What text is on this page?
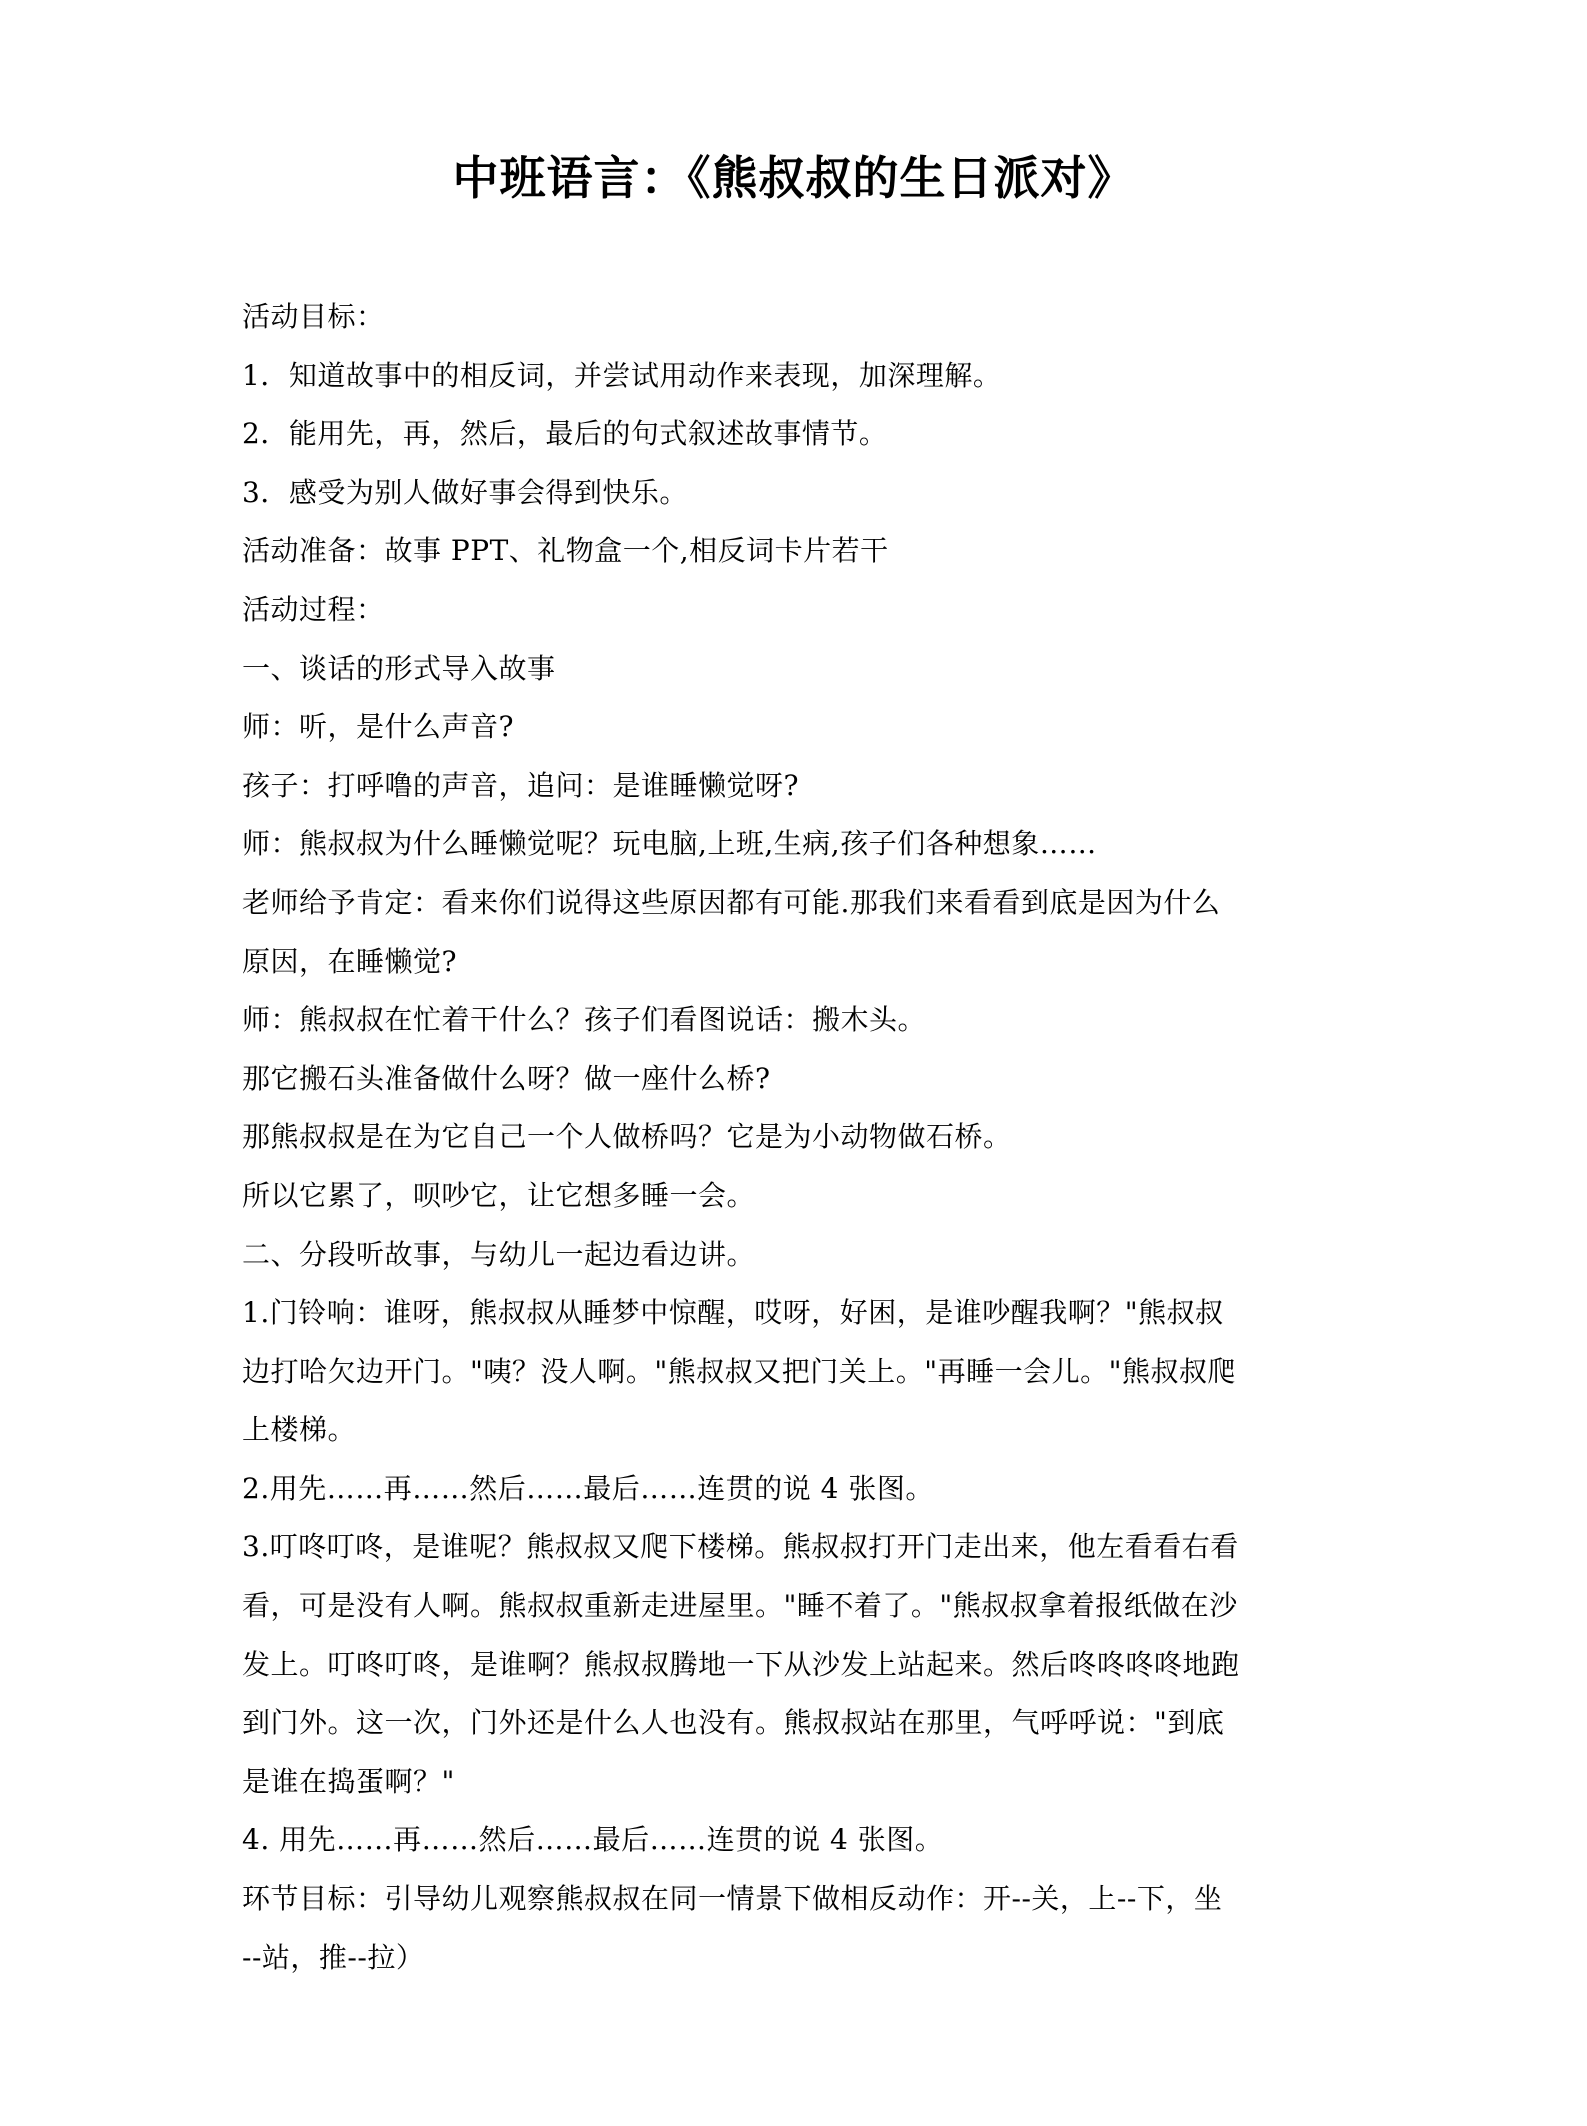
中班语言：《熊叔叔的生日派对》
活动目标：
1．知道故事中的相反词，并尝试用动作来表现，加深理解。
2．能用先，再，然后，最后的句式叙述故事情节。
3．感受为别人做好事会得到快乐。
活动准备：故事 PPT、礼物盒一个,相反词卡片若干
活动过程：
一、谈话的形式导入故事
师：听，是什么声音?
孩子：打呼噜的声音，追问：是谁睡懒觉呀?
师：熊叔叔为什么睡懒觉呢？玩电脑,上班,生病,孩子们各种想象……
老师给予肯定：看来你们说得这些原因都有可能.那我们来看看到底是因为什么
原因，在睡懒觉?
师：熊叔叔在忙着干什么？孩子们看图说话：搬木头。
那它搬石头准备做什么呀？做一座什么桥?
那熊叔叔是在为它自己一个人做桥吗？它是为小动物做石桥。
所以它累了，呗吵它，让它想多睡一会。
二、分段听故事，与幼儿一起边看边讲。
1.门铃响：谁呀，熊叔叔从睡梦中惊醒，哎呀，好困，是谁吵醒我啊？"熊叔叔
边打哈欠边开门。"咦？没人啊。"熊叔叔又把门关上。"再睡一会儿。"熊叔叔爬
上楼梯。
2.用先……再……然后……最后……连贯的说 4 张图。
3.叮咚叮咚，是谁呢？熊叔叔又爬下楼梯。熊叔叔打开门走出来，他左看看右看
看，可是没有人啊。熊叔叔重新走进屋里。"睡不着了。"熊叔叔拿着报纸做在沙
发上。叮咚叮咚，是谁啊？熊叔叔腾地一下从沙发上站起来。然后咚咚咚咚地跑
到门外。这一次，门外还是什么人也没有。熊叔叔站在那里，气呼呼说："到底
是谁在捣蛋啊？"
4. 用先……再……然后……最后……连贯的说 4 张图。
环节目标：引导幼儿观察熊叔叔在同一情景下做相反动作：开--关，上--下，坐
--站，推--拉）
